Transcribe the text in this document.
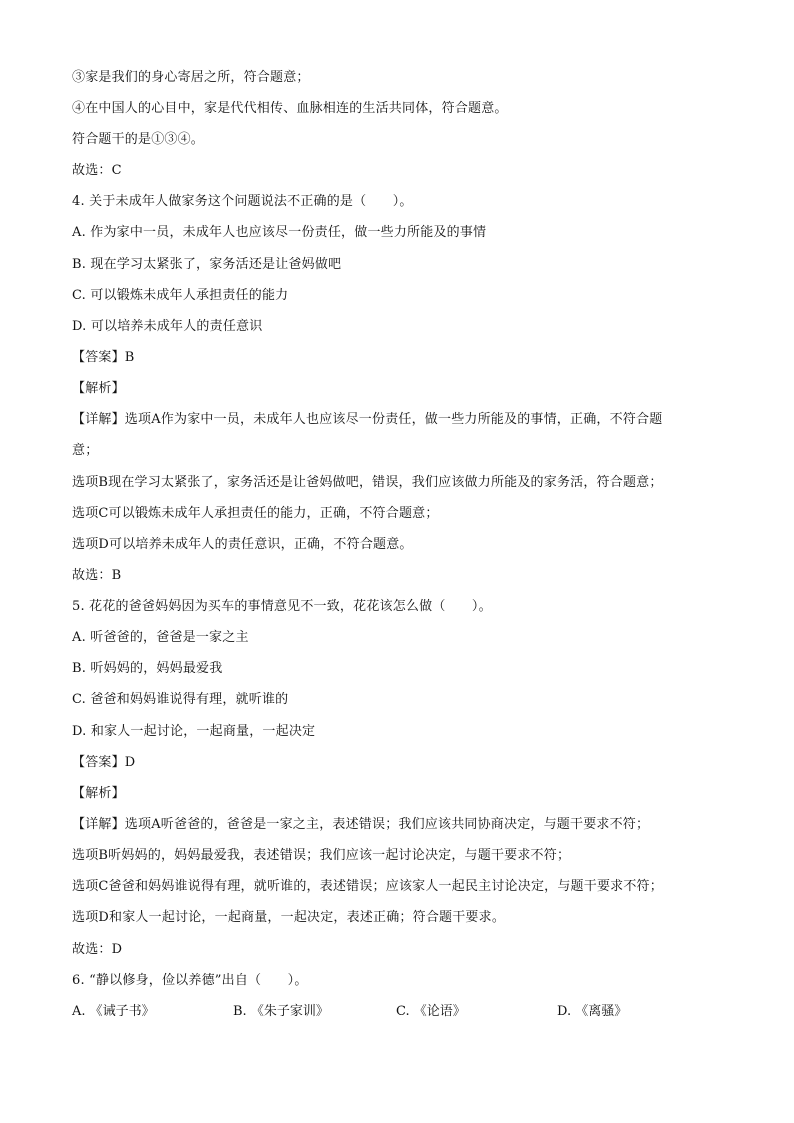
③家是我们的身心寄居之所，符合题意；
④在中国人的心目中，家是代代相传、血脉相连的生活共同体，符合题意。
符合题干的是①③④。
故选：C
4. 关于未成年人做家务这个问题说法不正确的是（　　）。
A. 作为家中一员，未成年人也应该尽一份责任，做一些力所能及的事情
B. 现在学习太紧张了，家务活还是让爸妈做吧
C. 可以锻炼未成年人承担责任的能力
D. 可以培养未成年人的责任意识
【答案】B
【解析】
【详解】选项A作为家中一员，未成年人也应该尽一份责任，做一些力所能及的事情，正确，不符合题
意；
选项B现在学习太紧张了，家务活还是让爸妈做吧，错误，我们应该做力所能及的家务活，符合题意；
选项C可以锻炼未成年人承担责任的能力，正确，不符合题意；
选项D可以培养未成年人的责任意识，正确，不符合题意。
故选：B
5. 花花的爸爸妈妈因为买车的事情意见不一致，花花该怎么做（　　）。
A. 听爸爸的，爸爸是一家之主
B. 听妈妈的，妈妈最爱我
C. 爸爸和妈妈谁说得有理，就听谁的
D. 和家人一起讨论，一起商量，一起决定
【答案】D
【解析】
【详解】选项A听爸爸的，爸爸是一家之主，表述错误；我们应该共同协商决定，与题干要求不符；
选项B听妈妈的，妈妈最爱我，表述错误；我们应该一起讨论决定，与题干要求不符；
选项C爸爸和妈妈谁说得有理，就听谁的，表述错误；应该家人一起民主讨论决定，与题干要求不符；
选项D和家人一起讨论，一起商量，一起决定，表述正确；符合题干要求。
故选：D
6. “静以修身，俭以养德”出自（　　）。
A. 《诫子书》	B. 《朱子家训》	C. 《论语》	D. 《离骚》
